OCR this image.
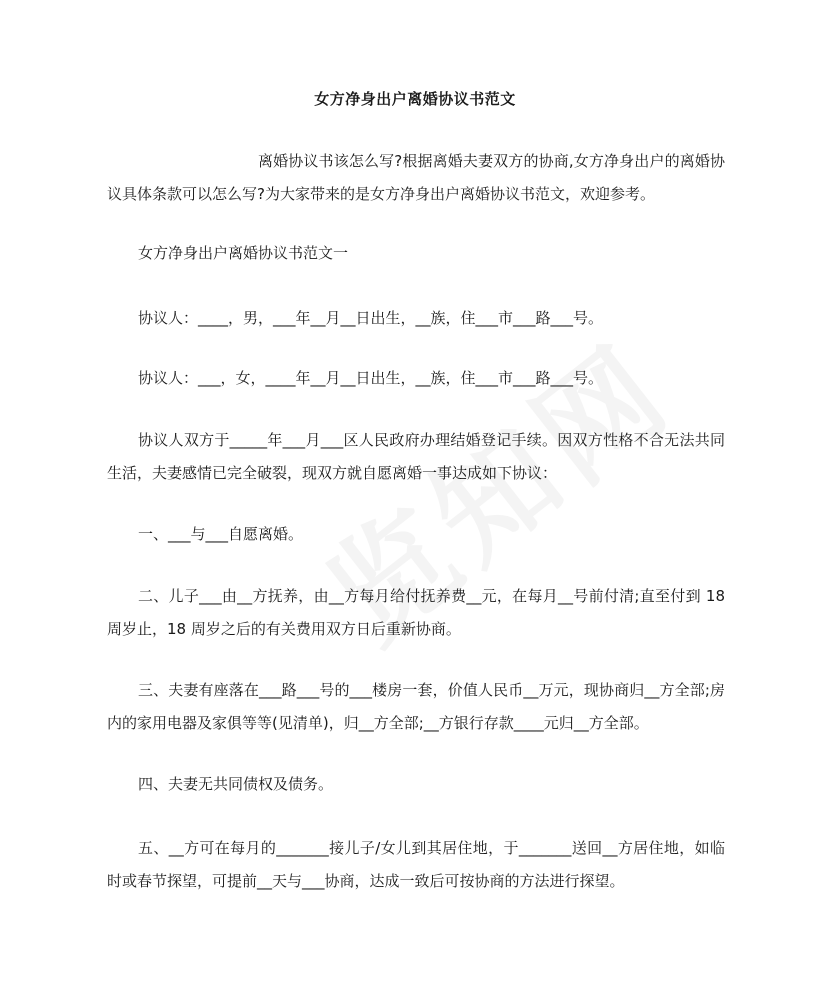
女方净身出户离婚协议书范文
离婚协议书该怎么写?根据离婚夫妻双方的协商,女方净身出户的离婚协议具体条款可以怎么写?为大家带来的是女方净身出户离婚协议书范文，欢迎参考。
女方净身出户离婚协议书范文一
协议人：____，男，___年__月__日出生，__族，住___市___路___号。
协议人：___，女，____年__月__日出生，__族，住___市___路___号。
协议人双方于_____年___月___区人民政府办理结婚登记手续。因双方性格不合无法共同生活，夫妻感情已完全破裂，现双方就自愿离婚一事达成如下协议：
一、___与___自愿离婚。
二、儿子___由__方抚养，由__方每月给付抚养费__元，在每月__号前付清;直至付到 18 周岁止，18 周岁之后的有关费用双方日后重新协商。
三、夫妻有座落在___路___号的___楼房一套，价值人民币__万元，现协商归__方全部;房内的家用电器及家俱等等(见清单)，归__方全部;__方银行存款____元归__方全部。
四、夫妻无共同债权及债务。
五、__方可在每月的_______接儿子/女儿到其居住地，于_______送回__方居住地，如临时或春节探望，可提前__天与___协商，达成一致后可按协商的方法进行探望。
